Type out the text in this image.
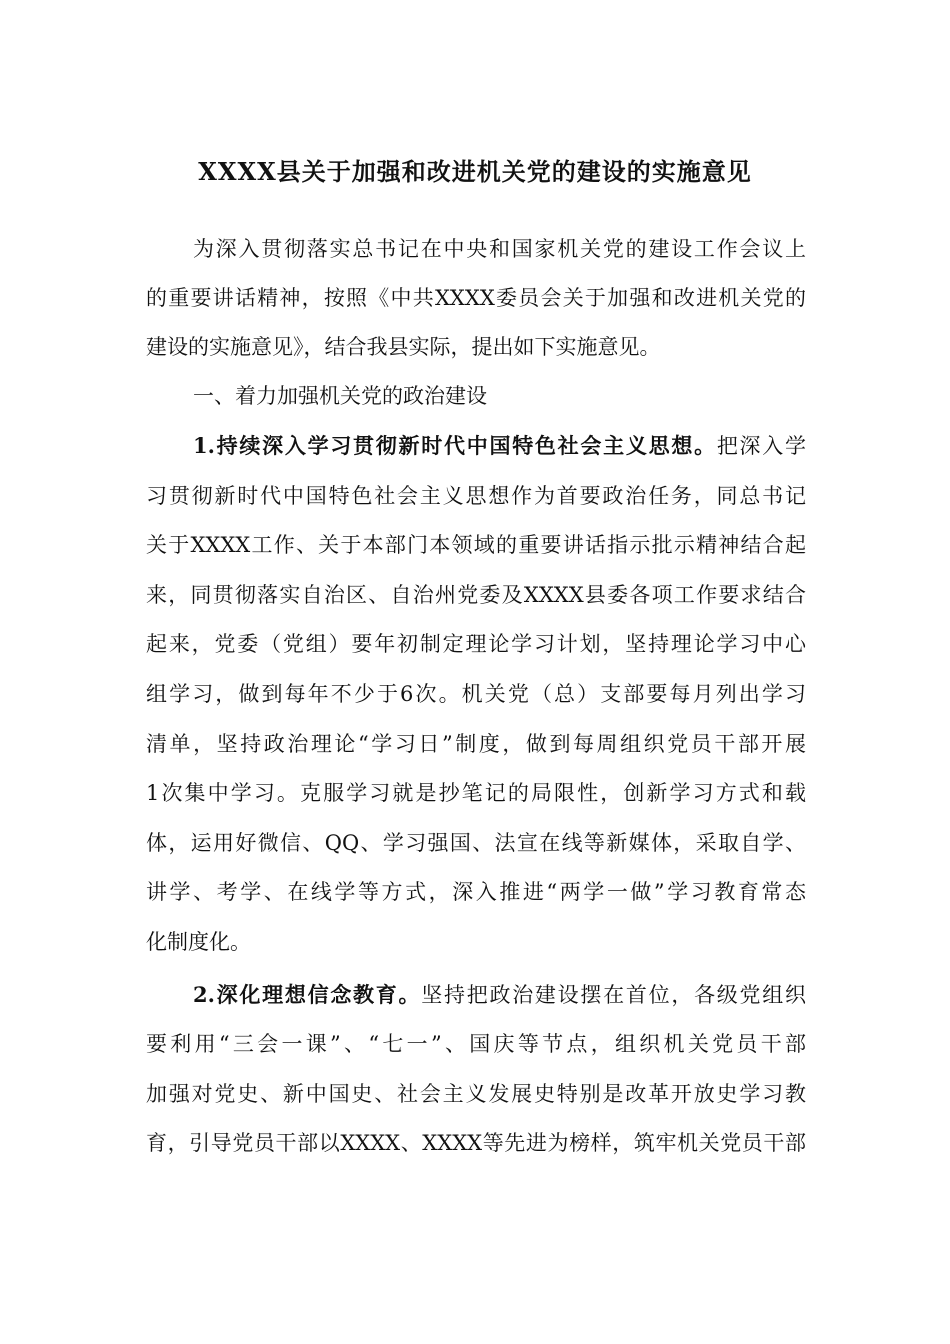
XXXX县关于加强和改进机关党的建设的实施意见
为深入贯彻落实总书记在中央和国家机关党的建设工作会议上
的重要讲话精神，按照《中共XXXX委员会关于加强和改进机关党的
建设的实施意见》，结合我县实际，提出如下实施意见。
一、着力加强机关党的政治建设
1.持续深入学习贯彻新时代中国特色社会主义思想。把深入学
习贯彻新时代中国特色社会主义思想作为首要政治任务，同总书记
关于XXXX工作、关于本部门本领域的重要讲话指示批示精神结合起
来，同贯彻落实自治区、自治州党委及XXXX县委各项工作要求结合
起来，党委（党组）要年初制定理论学习计划，坚持理论学习中心
组学习，做到每年不少于6次。机关党（总）支部要每月列出学习
清单，坚持政治理论“学习日”制度，做到每周组织党员干部开展
1次集中学习。克服学习就是抄笔记的局限性，创新学习方式和载
体，运用好微信、QQ、学习强国、法宣在线等新媒体，采取自学、
讲学、考学、在线学等方式，深入推进“两学一做”学习教育常态
化制度化。
2.深化理想信念教育。坚持把政治建设摆在首位，各级党组织
要利用“三会一课”、“七一”、国庆等节点，组织机关党员干部
加强对党史、新中国史、社会主义发展史特别是改革开放史学习教
育，引导党员干部以XXXX、XXXX等先进为榜样，筑牢机关党员干部
